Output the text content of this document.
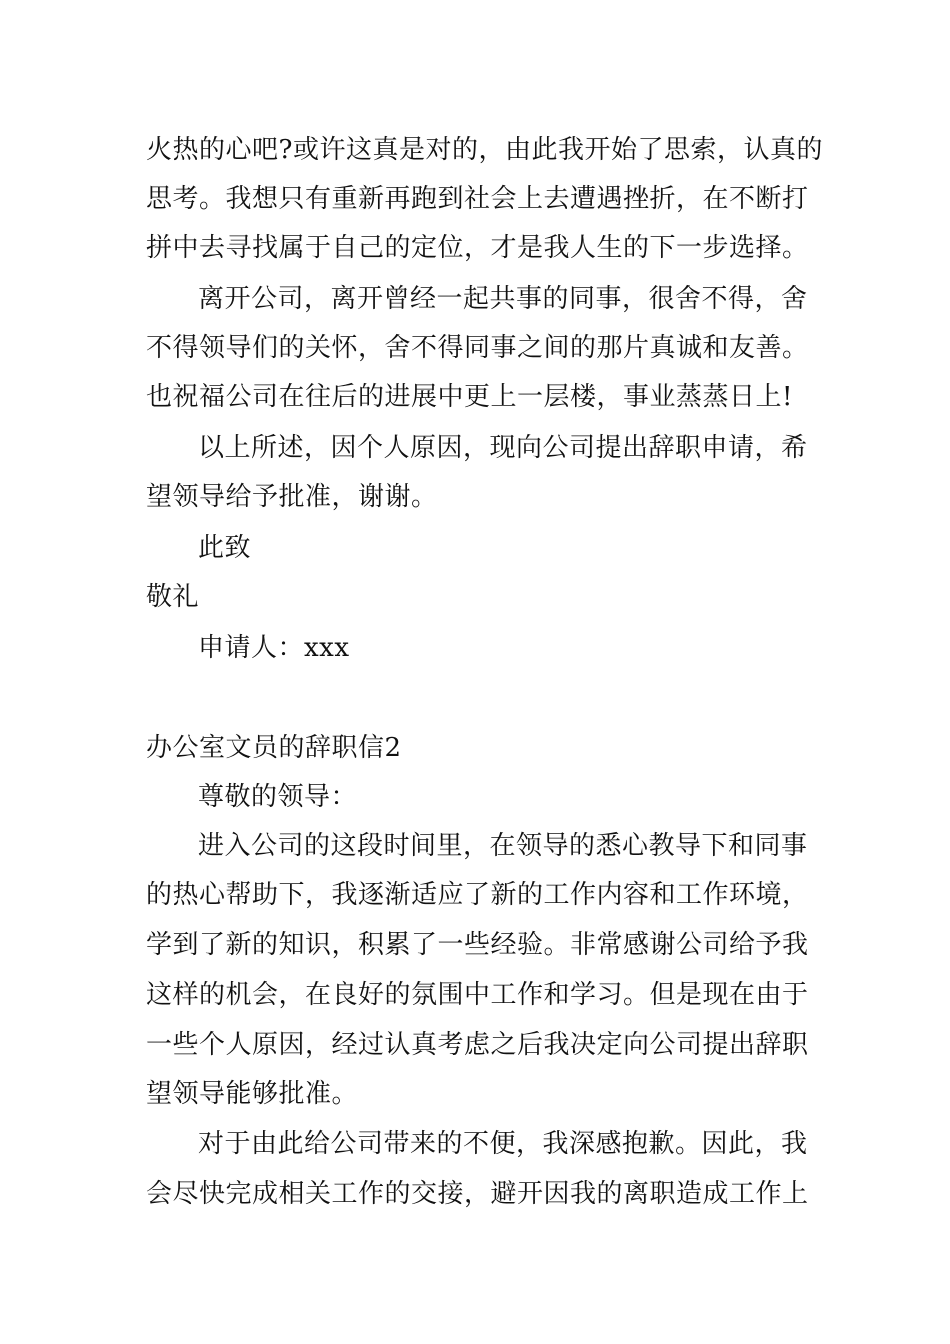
火热的心吧?或许这真是对的，由此我开始了思索，认真的
思考。我想只有重新再跑到社会上去遭遇挫折，在不断打
拼中去寻找属于自己的定位，才是我人生的下一步选择。
离开公司，离开曾经一起共事的同事，很舍不得，舍
不得领导们的关怀，舍不得同事之间的那片真诚和友善。
也祝福公司在往后的进展中更上一层楼，事业蒸蒸日上!
以上所述，因个人原因，现向公司提出辞职申请，希
望领导给予批准，谢谢。
此致
敬礼
申请人：xxx
办公室文员的辞职信2
尊敬的领导：
进入公司的这段时间里，在领导的悉心教导下和同事
的热心帮助下，我逐渐适应了新的工作内容和工作环境，
学到了新的知识，积累了一些经验。非常感谢公司给予我
这样的机会，在良好的氛围中工作和学习。但是现在由于
一些个人原因，经过认真考虑之后我决定向公司提出辞职
望领导能够批准。
对于由此给公司带来的不便，我深感抱歉。因此，我
会尽快完成相关工作的交接，避开因我的离职造成工作上
